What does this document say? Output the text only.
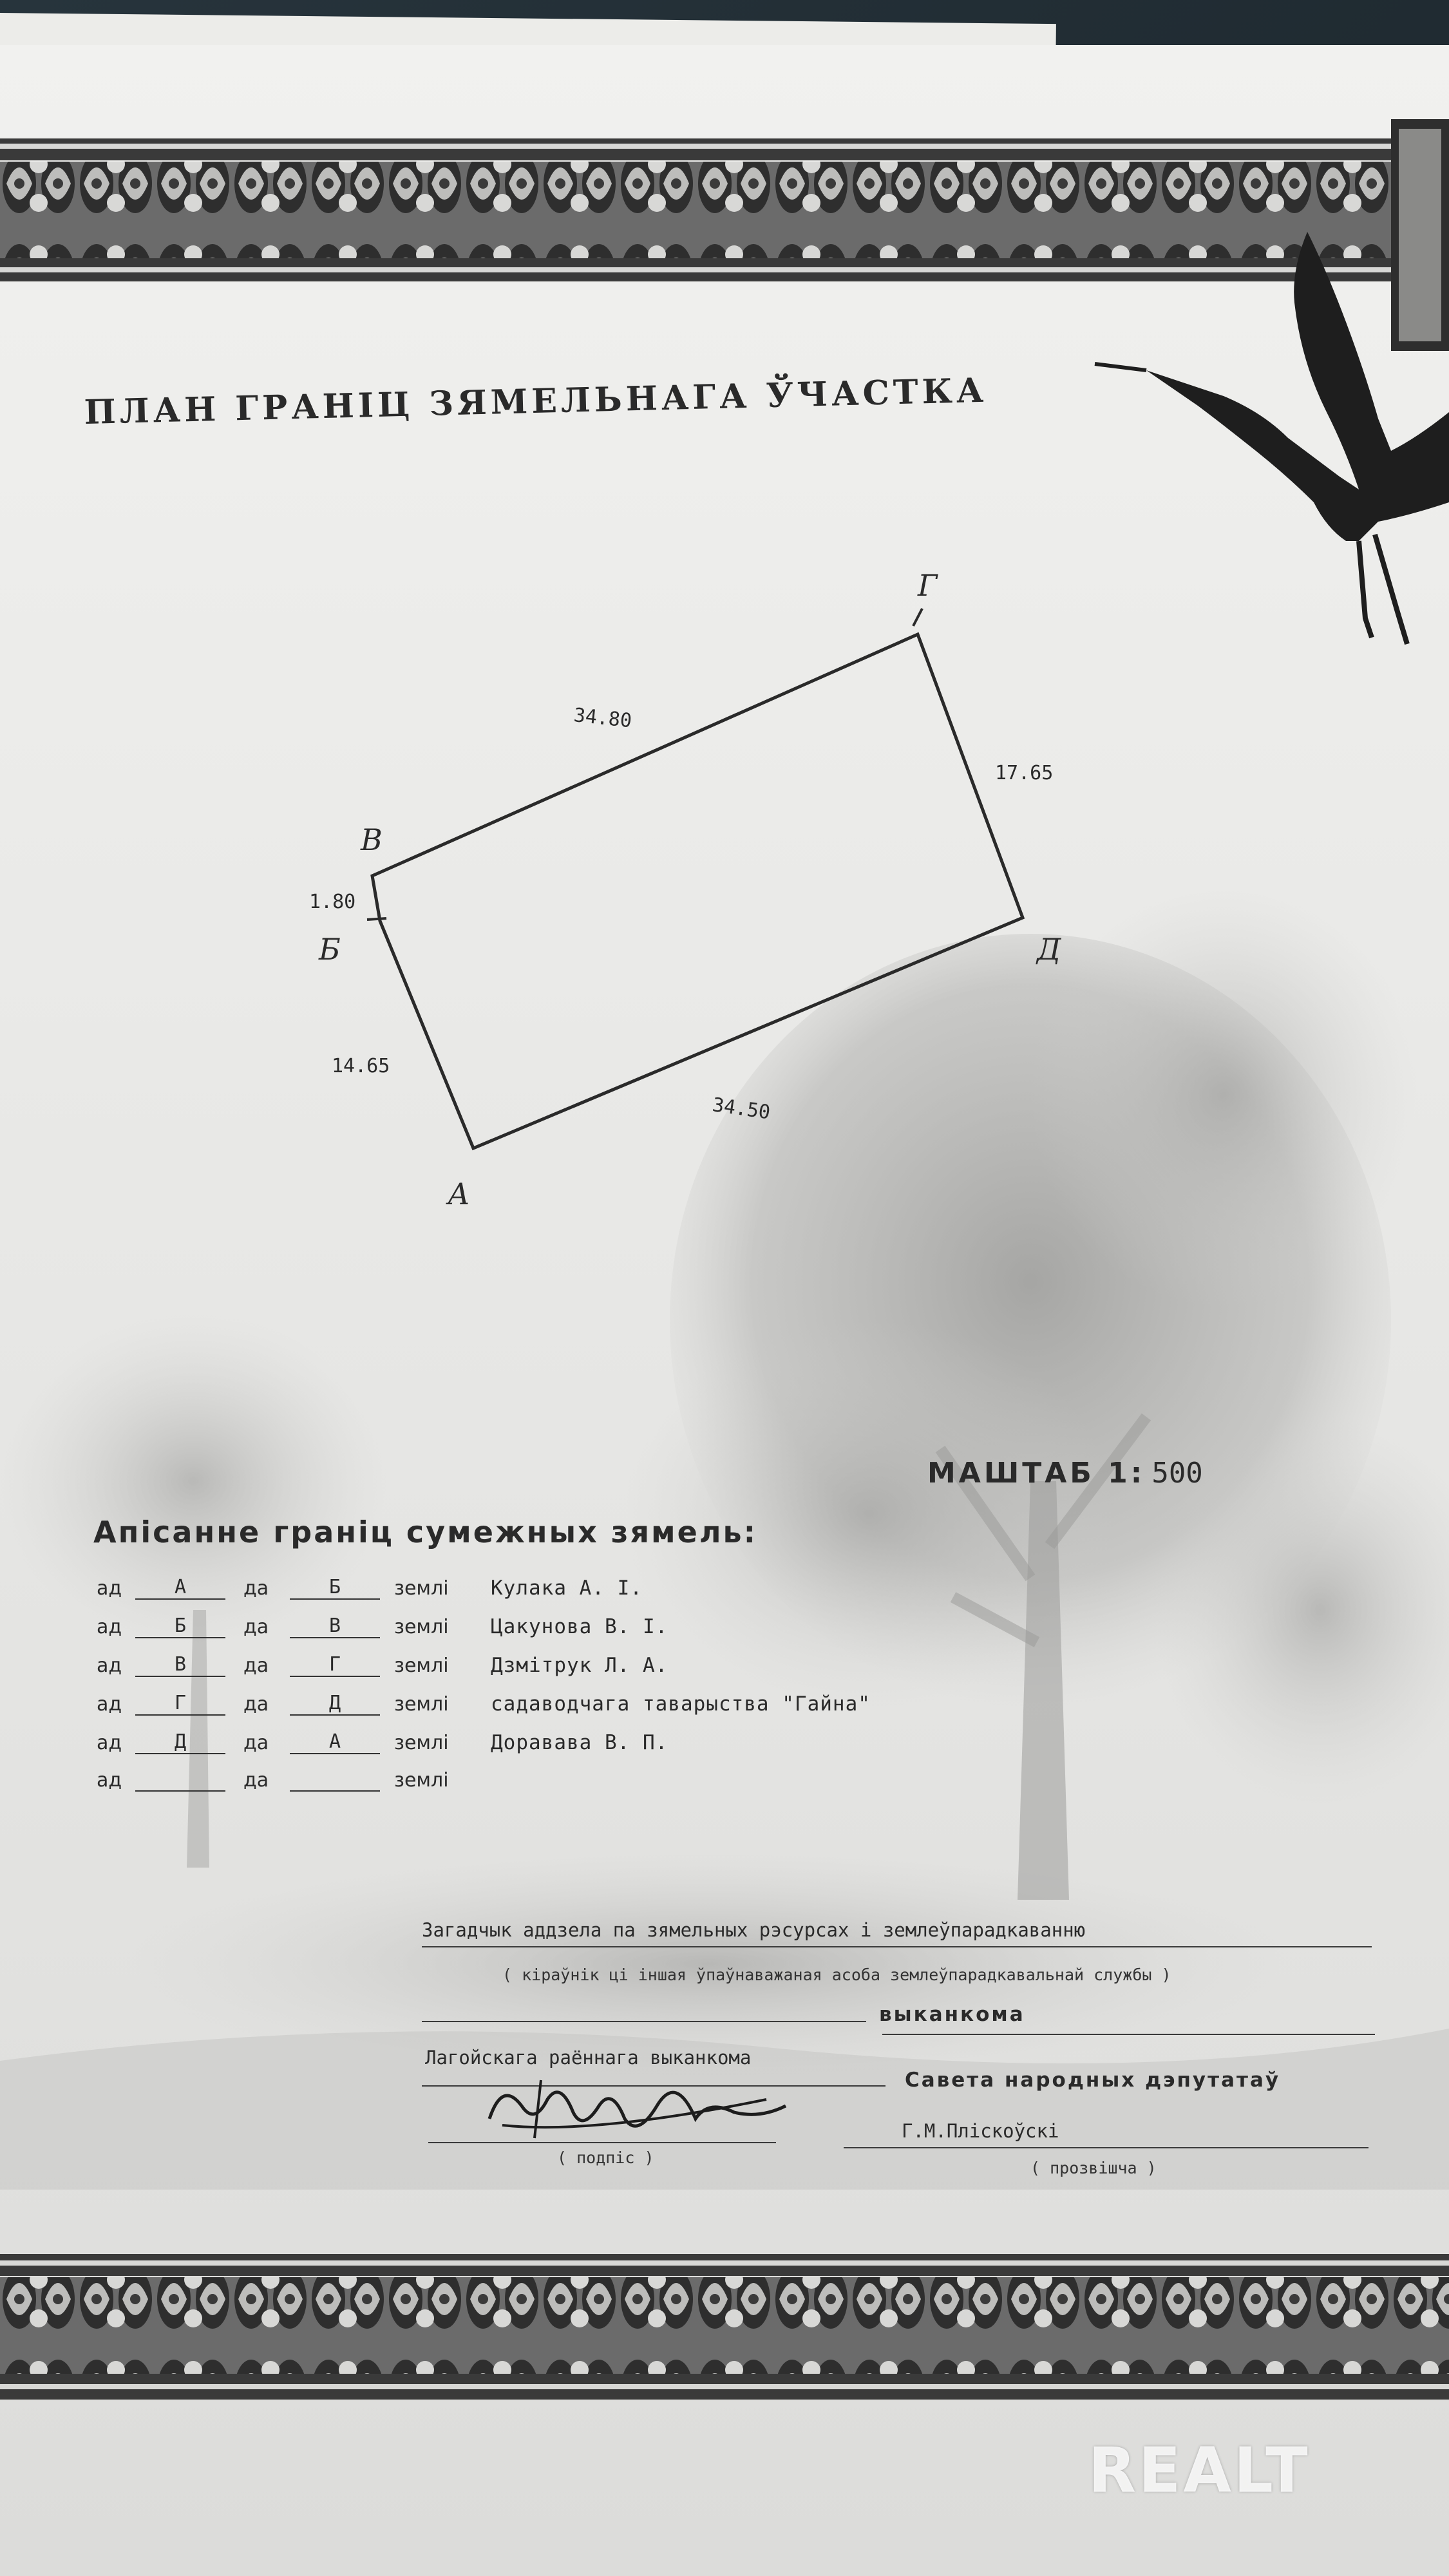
ПЛАН ГРАНІЦ ЗЯМЕЛЬНАГА ЎЧАСТКА
14.65
1.80
34.80
17.65
34.50
А
Б
В
Г
Д
МАШТАБ 1: 500
Апісанне граніц сумежных зямель:
ад	А	да	Б	землі Кулака А. I.
ад	Б	да	В	землі Цакунова В. I.
ад	В	да	Г	землі Дзмітрук Л. А.
ад	Г	да	Д	землі садаводчага таварыства "Гайна"
ад	Д	да	А	землі Доравава В. П.
ад	да	землі
Загадчык аддзела па зямельных рэсурсах і землеўпарадкаванню
( кіраўнік ці іншая ўпаўнаважаная асоба землеўпарадкавальнай службы )
выканкома
Лагойскага раённага выканкома
Савета народных дэпутатаў
( подпіс )
Г.М.Пліскоўскі
( прозвішча )
REALT
